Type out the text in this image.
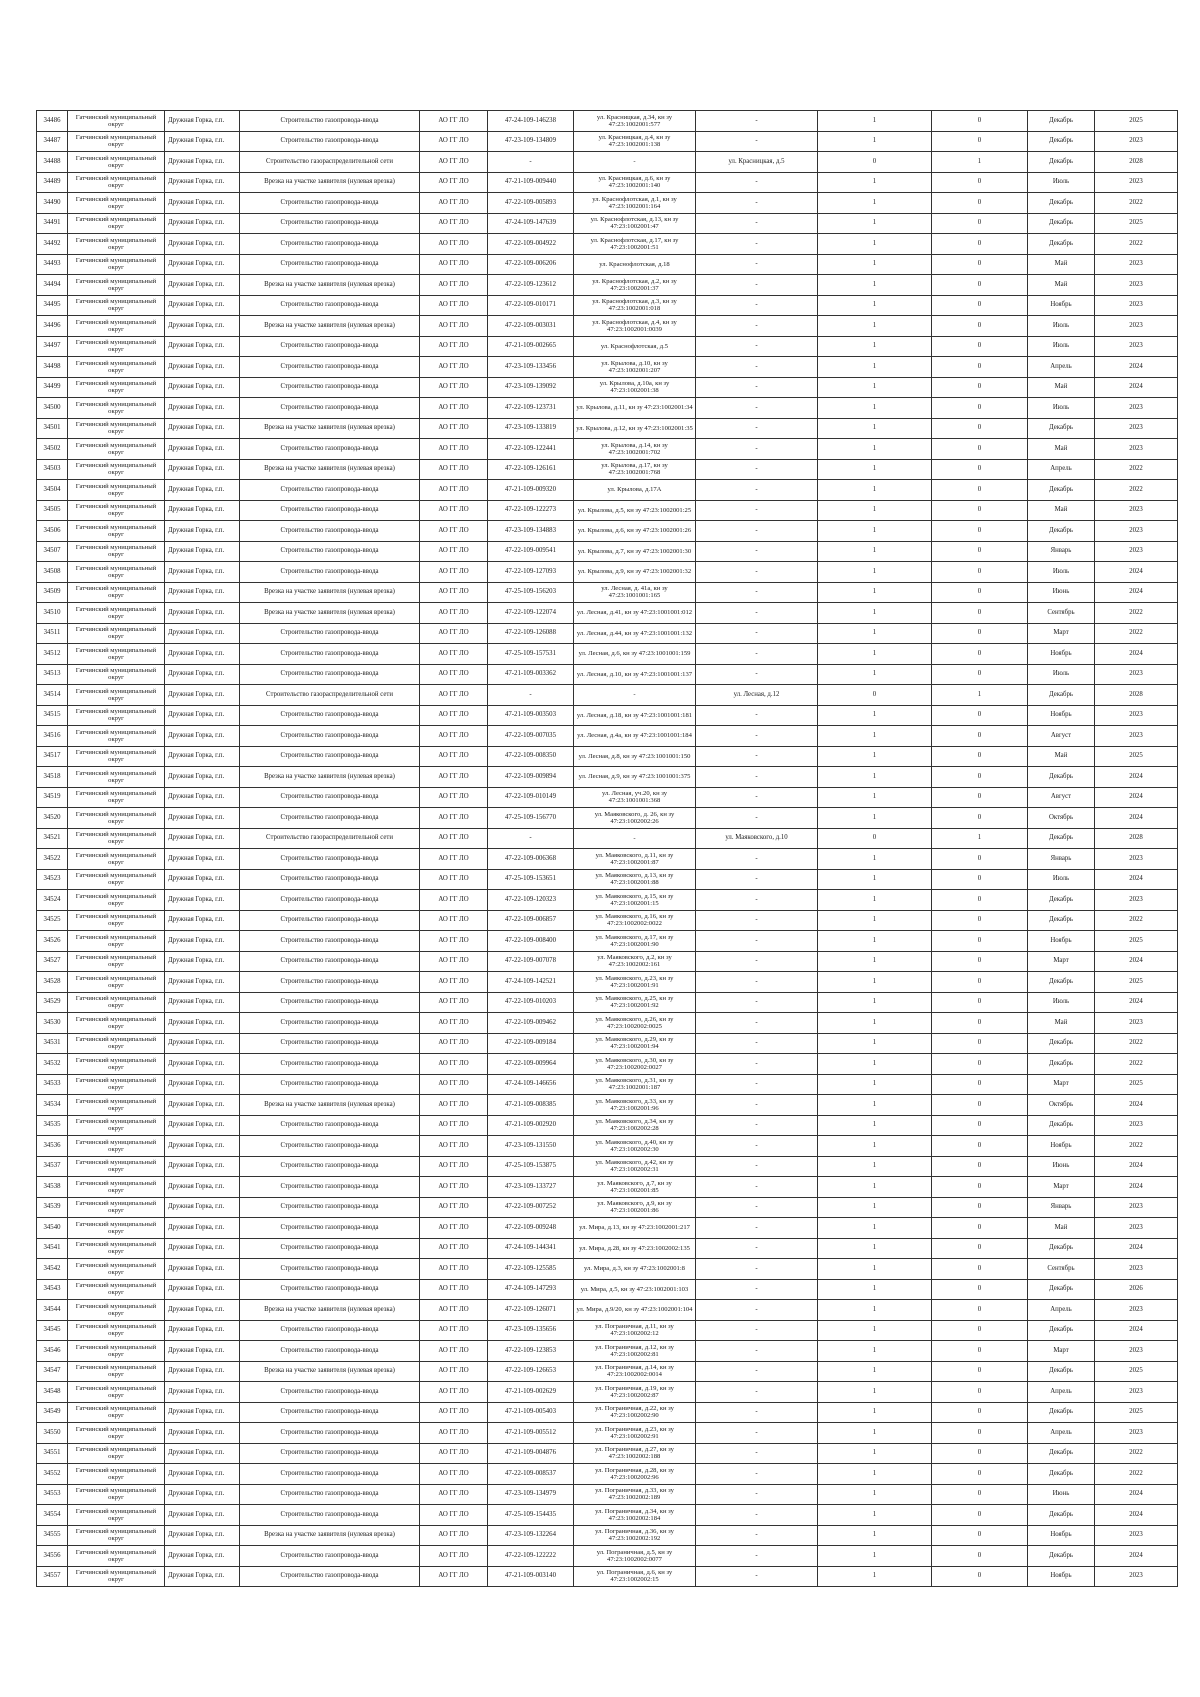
34486	Гатчинский муниципальный округ	Дружная Горка, г.п.	Строительство газопровода-ввода	АО ГГ ЛО	47-24-109-146238	ул. Красницкая, д.34, кн зу 47:23:1002001:577	-	1	0	Декабрь	2025
34487	Гатчинский муниципальный округ	Дружная Горка, г.п.	Строительство газопровода-ввода	АО ГГ ЛО	47-23-109-134809	ул. Красницкая, д.4, кн зу 47:23:1002001:138	-	1	0	Декабрь	2023
34488	Гатчинский муниципальный округ	Дружная Горка, г.п.	Строительство газораспределительной сети	АО ГГ ЛО	-	-	ул. Красницкая, д.5	0	1	Декабрь	2028
34489	Гатчинский муниципальный округ	Дружная Горка, г.п.	Врезка на участке заявителя (нулевая врезка)	АО ГГ ЛО	47-21-109-009440	ул. Красницкая, д.6, кн зу 47:23:1002001:140	-	1	0	Июль	2023
34490	Гатчинский муниципальный округ	Дружная Горка, г.п.	Строительство газопровода-ввода	АО ГГ ЛО	47-22-109-005893	ул. Краснофлотская, д.1, кн зу 47:23:1002001:164	-	1	0	Декабрь	2022
34491	Гатчинский муниципальный округ	Дружная Горка, г.п.	Строительство газопровода-ввода	АО ГГ ЛО	47-24-109-147639	ул. Краснофлотская, д.13, кн зу 47:23:1002001:47	-	1	0	Декабрь	2025
34492	Гатчинский муниципальный округ	Дружная Горка, г.п.	Строительство газопровода-ввода	АО ГГ ЛО	47-22-109-004922	ул. Краснофлотская, д.17, кн зу 47:23:1002001:51	-	1	0	Декабрь	2022
34493	Гатчинский муниципальный округ	Дружная Горка, г.п.	Строительство газопровода-ввода	АО ГГ ЛО	47-22-109-006206	ул. Краснофлотская, д.18	-	1	0	Май	2023
34494	Гатчинский муниципальный округ	Дружная Горка, г.п.	Врезка на участке заявителя (нулевая врезка)	АО ГГ ЛО	47-22-109-123612	ул. Краснофлотская, д.2, кн зу 47:23:1002001:37	-	1	0	Май	2023
34495	Гатчинский муниципальный округ	Дружная Горка, г.п.	Строительство газопровода-ввода	АО ГГ ЛО	47-22-109-010171	ул. Краснофлотская, д.3, кн зу 47:23:1002001:018	-	1	0	Ноябрь	2023
34496	Гатчинский муниципальный округ	Дружная Горка, г.п.	Врезка на участке заявителя (нулевая врезка)	АО ГГ ЛО	47-22-109-003031	ул. Краснофлотская, д.4, кн зу 47:23:1002001:0039	-	1	0	Июль	2023
34497	Гатчинский муниципальный округ	Дружная Горка, г.п.	Строительство газопровода-ввода	АО ГГ ЛО	47-21-109-002665	ул. Краснофлотская, д.5	-	1	0	Июль	2023
34498	Гатчинский муниципальный округ	Дружная Горка, г.п.	Строительство газопровода-ввода	АО ГГ ЛО	47-23-109-133456	ул. Крылова, д.10, кн зу 47:23:1002001:207	-	1	0	Апрель	2024
34499	Гатчинский муниципальный округ	Дружная Горка, г.п.	Строительство газопровода-ввода	АО ГГ ЛО	47-23-109-139092	ул. Крылова, д.10а, кн зу 47:23:1002001:38	-	1	0	Май	2024
34500	Гатчинский муниципальный округ	Дружная Горка, г.п.	Строительство газопровода-ввода	АО ГГ ЛО	47-22-109-123731	ул. Крылова, д.11, кн зу 47:23:1002001:34	-	1	0	Июль	2023
34501	Гатчинский муниципальный округ	Дружная Горка, г.п.	Врезка на участке заявителя (нулевая врезка)	АО ГГ ЛО	47-23-109-133819	ул. Крылова, д.12, кн зу 47:23:1002001:35	-	1	0	Декабрь	2023
34502	Гатчинский муниципальный округ	Дружная Горка, г.п.	Строительство газопровода-ввода	АО ГГ ЛО	47-22-109-122441	ул. Крылова, д.14, кн зу 47:23:1002001:702	-	1	0	Май	2023
34503	Гатчинский муниципальный округ	Дружная Горка, г.п.	Врезка на участке заявителя (нулевая врезка)	АО ГГ ЛО	47-22-109-126161	ул. Крылова, д.17, кн зу 47:23:1002001:768	-	1	0	Апрель	2022
34504	Гатчинский муниципальный округ	Дружная Горка, г.п.	Строительство газопровода-ввода	АО ГГ ЛО	47-21-109-009320	ул. Крылова, д.17А	-	1	0	Декабрь	2022
34505	Гатчинский муниципальный округ	Дружная Горка, г.п.	Строительство газопровода-ввода	АО ГГ ЛО	47-22-109-122273	ул. Крылова, д.5, кн зу 47:23:1002001:25	-	1	0	Май	2023
34506	Гатчинский муниципальный округ	Дружная Горка, г.п.	Строительство газопровода-ввода	АО ГГ ЛО	47-23-109-134883	ул. Крылова, д.6, кн зу 47:23:1002001:26	-	1	0	Декабрь	2023
34507	Гатчинский муниципальный округ	Дружная Горка, г.п.	Строительство газопровода-ввода	АО ГГ ЛО	47-22-109-009541	ул. Крылова, д.7, кн зу 47:23:1002001:30	-	1	0	Январь	2023
34508	Гатчинский муниципальный округ	Дружная Горка, г.п.	Строительство газопровода-ввода	АО ГГ ЛО	47-22-109-127093	ул. Крылова, д.9, кн зу 47:23:1002001:32	-	1	0	Июль	2024
34509	Гатчинский муниципальный округ	Дружная Горка, г.п.	Врезка на участке заявителя (нулевая врезка)	АО ГГ ЛО	47-25-109-156203	ул. Лесная, д. 41а, кн зу 47:23:1001001:165	-	1	0	Июнь	2024
34510	Гатчинский муниципальный округ	Дружная Горка, г.п.	Врезка на участке заявителя (нулевая врезка)	АО ГГ ЛО	47-22-109-122074	ул. Лесная, д.41, кн зу 47:23:1001001:012	-	1	0	Сентябрь	2022
34511	Гатчинский муниципальный округ	Дружная Горка, г.п.	Строительство газопровода-ввода	АО ГГ ЛО	47-22-109-126088	ул. Лесная, д.44, кн зу 47:23:1001001:132	-	1	0	Март	2022
34512	Гатчинский муниципальный округ	Дружная Горка, г.п.	Строительство газопровода-ввода	АО ГГ ЛО	47-25-109-157531	ул. Лесная, д.6, кн зу 47:23:1001001:159	-	1	0	Ноябрь	2024
34513	Гатчинский муниципальный округ	Дружная Горка, г.п.	Строительство газопровода-ввода	АО ГГ ЛО	47-21-109-003362	ул. Лесная, д.10, кн зу 47:23:1001001:137	-	1	0	Июль	2023
34514	Гатчинский муниципальный округ	Дружная Горка, г.п.	Строительство газораспределительной сети	АО ГГ ЛО	-	-	ул. Лесная, д.12	0	1	Декабрь	2028
34515	Гатчинский муниципальный округ	Дружная Горка, г.п.	Строительство газопровода-ввода	АО ГГ ЛО	47-21-109-003503	ул. Лесная, д.18, кн зу 47:23:1001001:181	-	1	0	Ноябрь	2023
34516	Гатчинский муниципальный округ	Дружная Горка, г.п.	Строительство газопровода-ввода	АО ГГ ЛО	47-22-109-007035	ул. Лесная, д.4а, кн зу 47:23:1001001:184	-	1	0	Август	2023
34517	Гатчинский муниципальный округ	Дружная Горка, г.п.	Строительство газопровода-ввода	АО ГГ ЛО	47-22-109-008350	ул. Лесная, д.8, кн зу 47:23:1001001:150	-	1	0	Май	2025
34518	Гатчинский муниципальный округ	Дружная Горка, г.п.	Врезка на участке заявителя (нулевая врезка)	АО ГГ ЛО	47-22-109-009894	ул. Лесная, д.9, кн зу 47:23:1001001:375	-	1	0	Декабрь	2024
34519	Гатчинский муниципальный округ	Дружная Горка, г.п.	Строительство газопровода-ввода	АО ГГ ЛО	47-22-109-010149	ул. Лесная, уч.20, кн зу 47:23:1001001:368	-	1	0	Август	2024
34520	Гатчинский муниципальный округ	Дружная Горка, г.п.	Строительство газопровода-ввода	АО ГГ ЛО	47-25-109-156770	ул. Маяковского, д. 26, кн зу 47:23:1002002:26	-	1	0	Октябрь	2024
34521	Гатчинский муниципальный округ	Дружная Горка, г.п.	Строительство газораспределительной сети	АО ГГ ЛО	-	-	ул. Маяковского, д.10	0	1	Декабрь	2028
34522	Гатчинский муниципальный округ	Дружная Горка, г.п.	Строительство газопровода-ввода	АО ГГ ЛО	47-22-109-006368	ул. Маяковского, д.11, кн зу 47:23:1002001:87	-	1	0	Январь	2023
34523	Гатчинский муниципальный округ	Дружная Горка, г.п.	Строительство газопровода-ввода	АО ГГ ЛО	47-25-109-153651	ул. Маяковского, д.13, кн зу 47:23:1002001:88	-	1	0	Июль	2024
34524	Гатчинский муниципальный округ	Дружная Горка, г.п.	Строительство газопровода-ввода	АО ГГ ЛО	47-22-109-120323	ул. Маяковского, д.15, кн зу 47:23:1002001:15	-	1	0	Декабрь	2023
34525	Гатчинский муниципальный округ	Дружная Горка, г.п.	Строительство газопровода-ввода	АО ГГ ЛО	47-22-109-006857	ул. Маяковского, д.16, кн зу 47:23:1002002:0022	-	1	0	Декабрь	2022
34526	Гатчинский муниципальный округ	Дружная Горка, г.п.	Строительство газопровода-ввода	АО ГГ ЛО	47-22-109-008400	ул. Маяковского, д.17, кн зу 47:23:1002001:90	-	1	0	Ноябрь	2025
34527	Гатчинский муниципальный округ	Дружная Горка, г.п.	Строительство газопровода-ввода	АО ГГ ЛО	47-22-109-007078	ул. Маяковского, д.2, кн зу 47:23:1002002:161	-	1	0	Март	2024
34528	Гатчинский муниципальный округ	Дружная Горка, г.п.	Строительство газопровода-ввода	АО ГГ ЛО	47-24-109-142521	ул. Маяковского, д.23, кн зу 47:23:1002001:91	-	1	0	Декабрь	2025
34529	Гатчинский муниципальный округ	Дружная Горка, г.п.	Строительство газопровода-ввода	АО ГГ ЛО	47-22-109-010203	ул. Маяковского, д.25, кн зу 47:23:1002001:92	-	1	0	Июль	2024
34530	Гатчинский муниципальный округ	Дружная Горка, г.п.	Строительство газопровода-ввода	АО ГГ ЛО	47-22-109-009462	ул. Маяковского, д.26, кн зу 47:23:1002002:0025	-	1	0	Май	2023
34531	Гатчинский муниципальный округ	Дружная Горка, г.п.	Строительство газопровода-ввода	АО ГГ ЛО	47-22-109-009184	ул. Маяковского, д.29, кн зу 47:23:1002001:94	-	1	0	Декабрь	2022
34532	Гатчинский муниципальный округ	Дружная Горка, г.п.	Строительство газопровода-ввода	АО ГГ ЛО	47-22-109-009964	ул. Маяковского, д.30, кн зу 47:23:1002002:0027	-	1	0	Декабрь	2022
34533	Гатчинский муниципальный округ	Дружная Горка, г.п.	Строительство газопровода-ввода	АО ГГ ЛО	47-24-109-146656	ул. Маяковского, д.31, кн зу 47:23:1002001:187	-	1	0	Март	2025
34534	Гатчинский муниципальный округ	Дружная Горка, г.п.	Врезка на участке заявителя (нулевая врезка)	АО ГГ ЛО	47-21-109-008385	ул. Маяковского, д.33, кн зу 47:23:1002001:96	-	1	0	Октябрь	2024
34535	Гатчинский муниципальный округ	Дружная Горка, г.п.	Строительство газопровода-ввода	АО ГГ ЛО	47-21-109-002920	ул. Маяковского, д.34, кн зу 47:23:1002002:28	-	1	0	Декабрь	2023
34536	Гатчинский муниципальный округ	Дружная Горка, г.п.	Строительство газопровода-ввода	АО ГГ ЛО	47-23-109-131550	ул. Маяковского, д.40, кн зу 47:23:1002002:30	-	1	0	Ноябрь	2022
34537	Гатчинский муниципальный округ	Дружная Горка, г.п.	Строительство газопровода-ввода	АО ГГ ЛО	47-25-109-153875	ул. Маяковского, д.42, кн зу 47:23:1002002:31	-	1	0	Июнь	2024
34538	Гатчинский муниципальный округ	Дружная Горка, г.п.	Строительство газопровода-ввода	АО ГГ ЛО	47-23-109-133727	ул. Маяковского, д.7, кн зу 47:23:1002001:85	-	1	0	Март	2024
34539	Гатчинский муниципальный округ	Дружная Горка, г.п.	Строительство газопровода-ввода	АО ГГ ЛО	47-22-109-007252	ул. Маяковского, д.9, кн зу 47:23:1002001:86	-	1	0	Январь	2023
34540	Гатчинский муниципальный округ	Дружная Горка, г.п.	Строительство газопровода-ввода	АО ГГ ЛО	47-22-109-009248	ул. Мира, д.13, кн зу 47:23:1002001:217	-	1	0	Май	2023
34541	Гатчинский муниципальный округ	Дружная Горка, г.п.	Строительство газопровода-ввода	АО ГГ ЛО	47-24-109-144341	ул. Мира, д.28, кн зу 47:23:1002002:135	-	1	0	Декабрь	2024
34542	Гатчинский муниципальный округ	Дружная Горка, г.п.	Строительство газопровода-ввода	АО ГГ ЛО	47-22-109-125585	ул. Мира, д.3, кн зу 47:23:1002001:8	-	1	0	Сентябрь	2023
34543	Гатчинский муниципальный округ	Дружная Горка, г.п.	Строительство газопровода-ввода	АО ГГ ЛО	47-24-109-147293	ул. Мира, д.5, кн зу 47:23:1002001:103	-	1	0	Декабрь	2026
34544	Гатчинский муниципальный округ	Дружная Горка, г.п.	Врезка на участке заявителя (нулевая врезка)	АО ГГ ЛО	47-22-109-126071	ул. Мира, д.9/20, кн зу 47:23:1002001:104	-	1	0	Апрель	2023
34545	Гатчинский муниципальный округ	Дружная Горка, г.п.	Строительство газопровода-ввода	АО ГГ ЛО	47-23-109-135656	ул. Пограничная, д.11, кн зу 47:23:1002002:12	-	1	0	Декабрь	2024
34546	Гатчинский муниципальный округ	Дружная Горка, г.п.	Строительство газопровода-ввода	АО ГГ ЛО	47-22-109-123853	ул. Пограничная, д.12, кн зу 47:23:1002002:81	-	1	0	Март	2023
34547	Гатчинский муниципальный округ	Дружная Горка, г.п.	Врезка на участке заявителя (нулевая врезка)	АО ГГ ЛО	47-22-109-126653	ул. Пограничная, д.14, кн зу 47:23:1002002:0014	-	1	0	Декабрь	2025
34548	Гатчинский муниципальный округ	Дружная Горка, г.п.	Строительство газопровода-ввода	АО ГГ ЛО	47-21-109-002629	ул. Пограничная, д.19, кн зу 47:23:1002002:87	-	1	0	Апрель	2023
34549	Гатчинский муниципальный округ	Дружная Горка, г.п.	Строительство газопровода-ввода	АО ГГ ЛО	47-21-109-005403	ул. Пограничная, д.22, кн зу 47:23:1002002:90	-	1	0	Декабрь	2025
34550	Гатчинский муниципальный округ	Дружная Горка, г.п.	Строительство газопровода-ввода	АО ГГ ЛО	47-21-109-005512	ул. Пограничная, д.23, кн зу 47:23:1002002:91	-	1	0	Апрель	2023
34551	Гатчинский муниципальный округ	Дружная Горка, г.п.	Строительство газопровода-ввода	АО ГГ ЛО	47-21-109-004876	ул. Пограничная, д.27, кн зу 47:23:1002002:188	-	1	0	Декабрь	2022
34552	Гатчинский муниципальный округ	Дружная Горка, г.п.	Строительство газопровода-ввода	АО ГГ ЛО	47-22-109-008537	ул. Пограничная, д.28, кн зу 47:23:1002002:96	-	1	0	Декабрь	2022
34553	Гатчинский муниципальный округ	Дружная Горка, г.п.	Строительство газопровода-ввода	АО ГГ ЛО	47-23-109-134979	ул. Пограничная, д.33, кн зу 47:23:1002002:189	-	1	0	Июнь	2024
34554	Гатчинский муниципальный округ	Дружная Горка, г.п.	Строительство газопровода-ввода	АО ГГ ЛО	47-25-109-154435	ул. Пограничная, д.34, кн зу 47:23:1002002:184	-	1	0	Декабрь	2024
34555	Гатчинский муниципальный округ	Дружная Горка, г.п.	Врезка на участке заявителя (нулевая врезка)	АО ГГ ЛО	47-23-109-132264	ул. Пограничная, д.36, кн зу 47:23:1002002:192	-	1	0	Ноябрь	2023
34556	Гатчинский муниципальный округ	Дружная Горка, г.п.	Строительство газопровода-ввода	АО ГГ ЛО	47-22-109-122222	ул. Пограничная, д.5, кн зу 47:23:1002002:0077	-	1	0	Декабрь	2024
34557	Гатчинский муниципальный округ	Дружная Горка, г.п.	Строительство газопровода-ввода	АО ГГ ЛО	47-21-109-003140	ул. Пограничная, д.6, кн зу 47:23:1002002:15	-	1	0	Ноябрь	2023
